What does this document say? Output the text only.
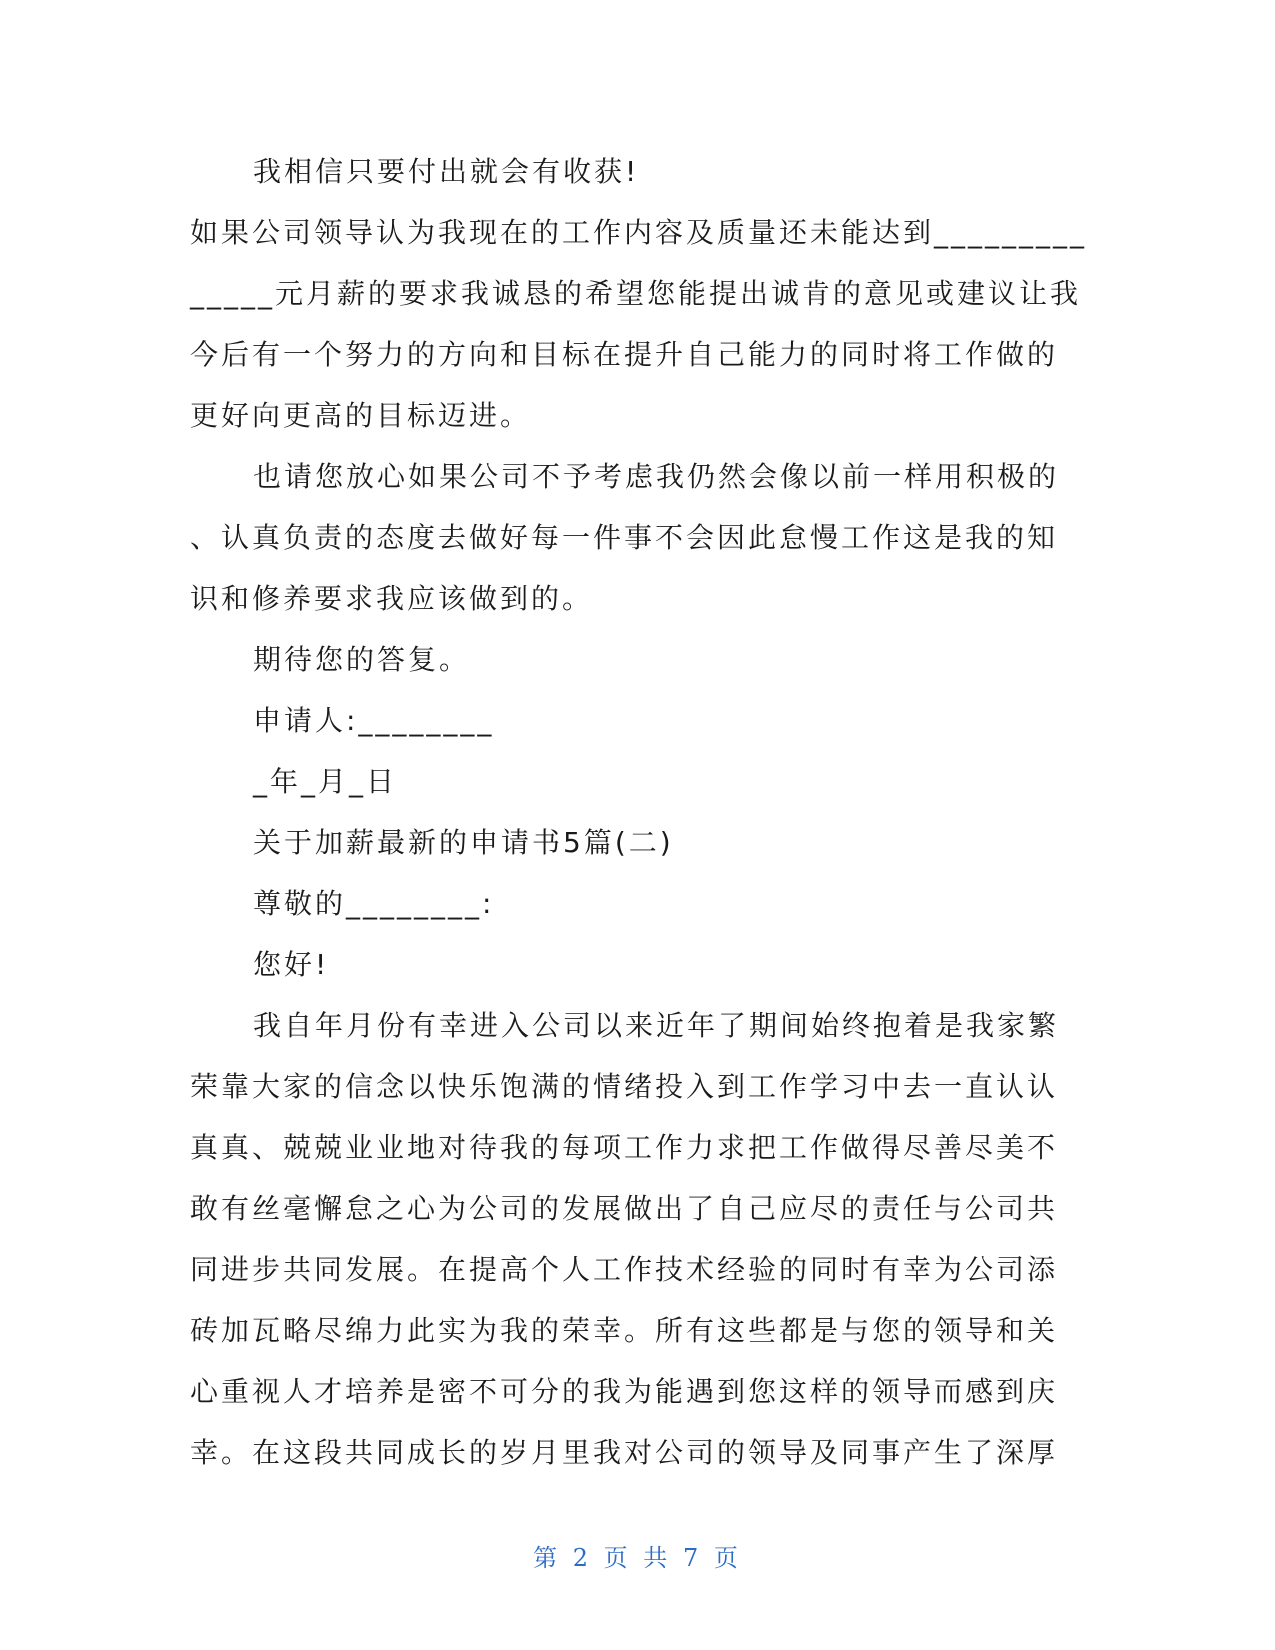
我相信只要付出就会有收获!
如果公司领导认为我现在的工作内容及质量还未能达到_________
_____元月薪的要求我诚恳的希望您能提出诚肯的意见或建议让我
今后有一个努力的方向和目标在提升自己能力的同时将工作做的
更好向更高的目标迈进。
也请您放心如果公司不予考虑我仍然会像以前一样用积极的
、认真负责的态度去做好每一件事不会因此怠慢工作这是我的知
识和修养要求我应该做到的。
期待您的答复。
申请人:________
_年_月_日
关于加薪最新的申请书5篇(二)
尊敬的________:
您好!
我自年月份有幸进入公司以来近年了期间始终抱着是我家繁
荣靠大家的信念以快乐饱满的情绪投入到工作学习中去一直认认
真真、兢兢业业地对待我的每项工作力求把工作做得尽善尽美不
敢有丝毫懈怠之心为公司的发展做出了自己应尽的责任与公司共
同进步共同发展。在提高个人工作技术经验的同时有幸为公司添
砖加瓦略尽绵力此实为我的荣幸。所有这些都是与您的领导和关
心重视人才培养是密不可分的我为能遇到您这样的领导而感到庆
幸。在这段共同成长的岁月里我对公司的领导及同事产生了深厚
第 2 页 共 7 页
